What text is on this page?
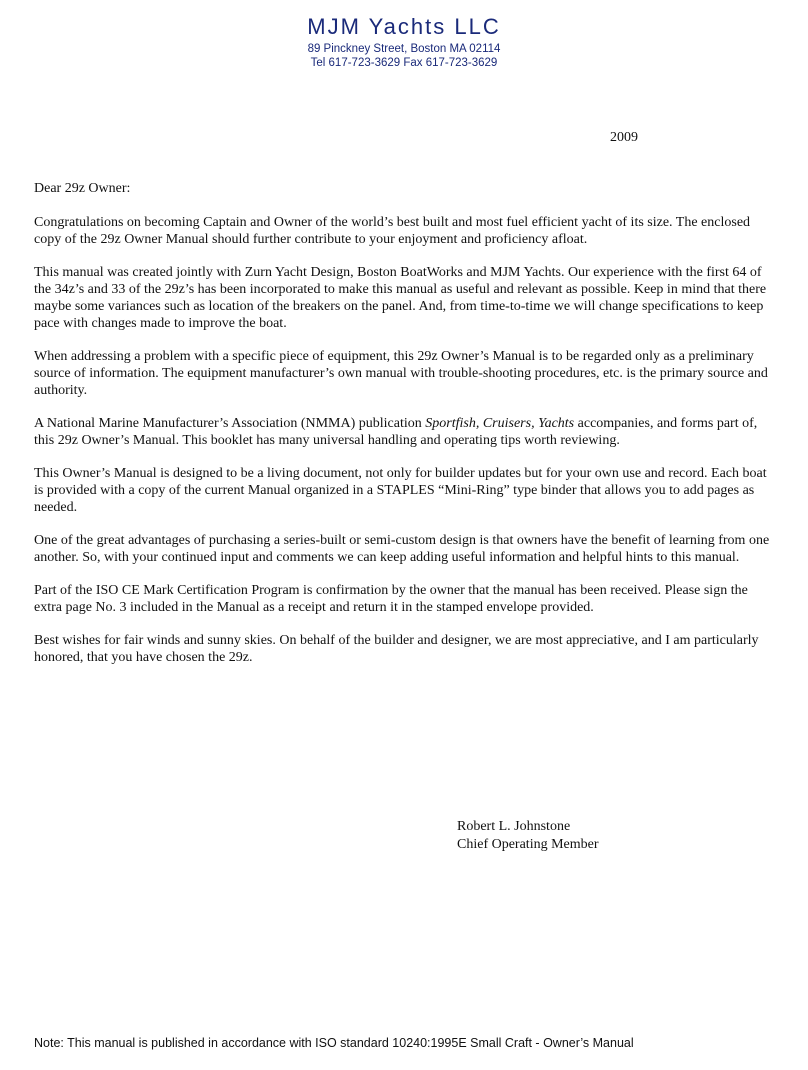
MJM Yachts LLC
89 Pinckney Street, Boston MA 02114
Tel 617-723-3629 Fax 617-723-3629
2009
Dear 29z Owner:

Congratulations on becoming Captain and Owner of the world’s best built and most fuel efficient yacht of its size. The enclosed copy of the 29z Owner Manual should further contribute to your enjoyment and proficiency afloat.

This manual was created jointly with Zurn Yacht Design, Boston BoatWorks and MJM Yachts. Our experience with the first 64 of the 34z’s and 33 of the 29z’s has been incorporated to make this manual as useful and relevant as possible. Keep in mind that there maybe some variances such as location of the breakers on the panel. And, from time-to-time we will change specifications to keep pace with changes made to improve the boat.

When addressing a problem with a specific piece of equipment, this 29z Owner’s Manual is to be regarded only as a preliminary source of information. The equipment manufacturer’s own manual with trouble-shooting procedures, etc. is the primary source and authority.

A National Marine Manufacturer’s Association (NMMA) publication Sportfish, Cruisers, Yachts accompanies, and forms part of, this 29z Owner’s Manual. This booklet has many universal handling and operating tips worth reviewing.

This Owner’s Manual is designed to be a living document, not only for builder updates but for your own use and record. Each boat is provided with a copy of the current Manual organized in a STAPLES “Mini-Ring” type binder that allows you to add pages as needed.

One of the great advantages of purchasing a series-built or semi-custom design is that owners have the benefit of learning from one another. So, with your continued input and comments we can keep adding useful information and helpful hints to this manual.

Part of the ISO CE Mark Certification Program is confirmation by the owner that the manual has been received. Please sign the extra page No. 3 included in the Manual as a receipt and return it in the stamped envelope provided.

Best wishes for fair winds and sunny skies. On behalf of the builder and designer, we are most appreciative, and I am particularly honored, that you have chosen the 29z.

Robert L. Johnstone
Chief Operating Member
Note: This manual is published in accordance with ISO standard 10240:1995E Small Craft - Owner’s Manual
